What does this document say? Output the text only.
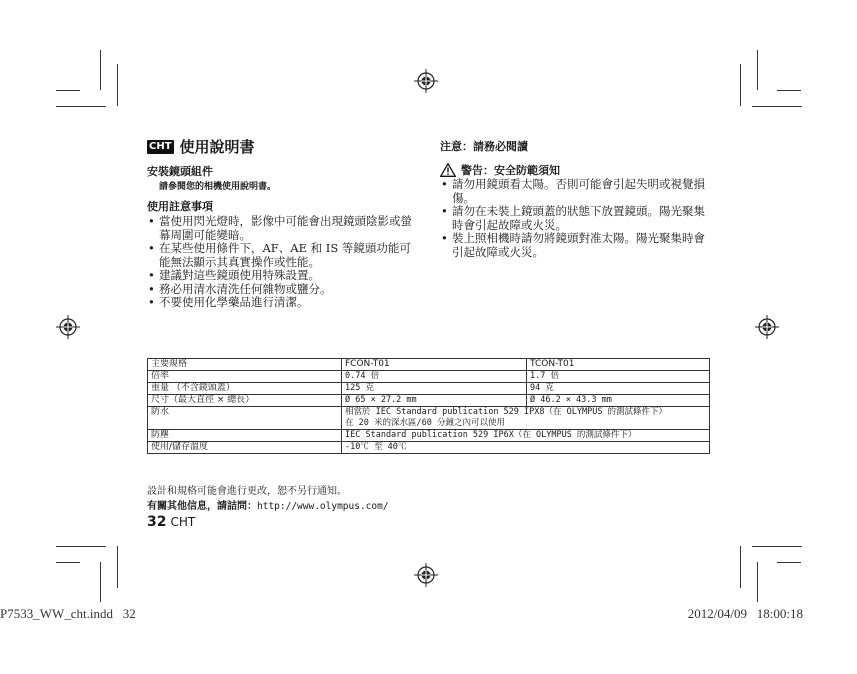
CHT 使用說明書
安裝鏡頭組件
請參閱您的相機使用說明書。
使用註意事項
• 當使用閃光燈時，影像中可能會出現鏡頭陰影或螢幕周圍可能變暗。
• 在某些使用條件下，AF、AE 和 IS 等鏡頭功能可能無法顯示其真實操作或性能。
• 建議對這些鏡頭使用特殊設置。
• 務必用清水清洗任何雜物或鹽分。
• 不要使用化學藥品進行清潔。
注意：請務必閱讀
警告：安全防範須知
• 請勿用鏡頭看太陽。否則可能會引起失明或視覺損傷。
• 請勿在未裝上鏡頭蓋的狀態下放置鏡頭。陽光聚集時會引起故障或火災。
• 裝上照相機時請勿將鏡頭對准太陽。陽光聚集時會引起故障或火災。
主要規格	FCON-T01	TCON-T01
倍率	0.74 倍	1.7 倍
重量 （不含鏡頭蓋）	125 克	94 克
尺寸（最大直徑 × 總長）	Ø 65 × 27.2 mm	Ø 46.2 × 43.3 mm
防水	相當於 IEC Standard publication 529 IPX8（在 OLYMPUS 的測試條件下）
在 20 米的深水區/60 分鐘之內可以使用	

防塵	IEC Standard publication 529 IP6X（在 OLYMPUS 的測試條件下）	
使用/儲存溫度	-10℃ 至 40℃	
設計和規格可能會進行更改，恕不另行通知。
有關其他信息，請詰問：http://www.olympus.com/
32 CHT
P7533_WW_cht.indd   32	2012/04/09   18:00:18
